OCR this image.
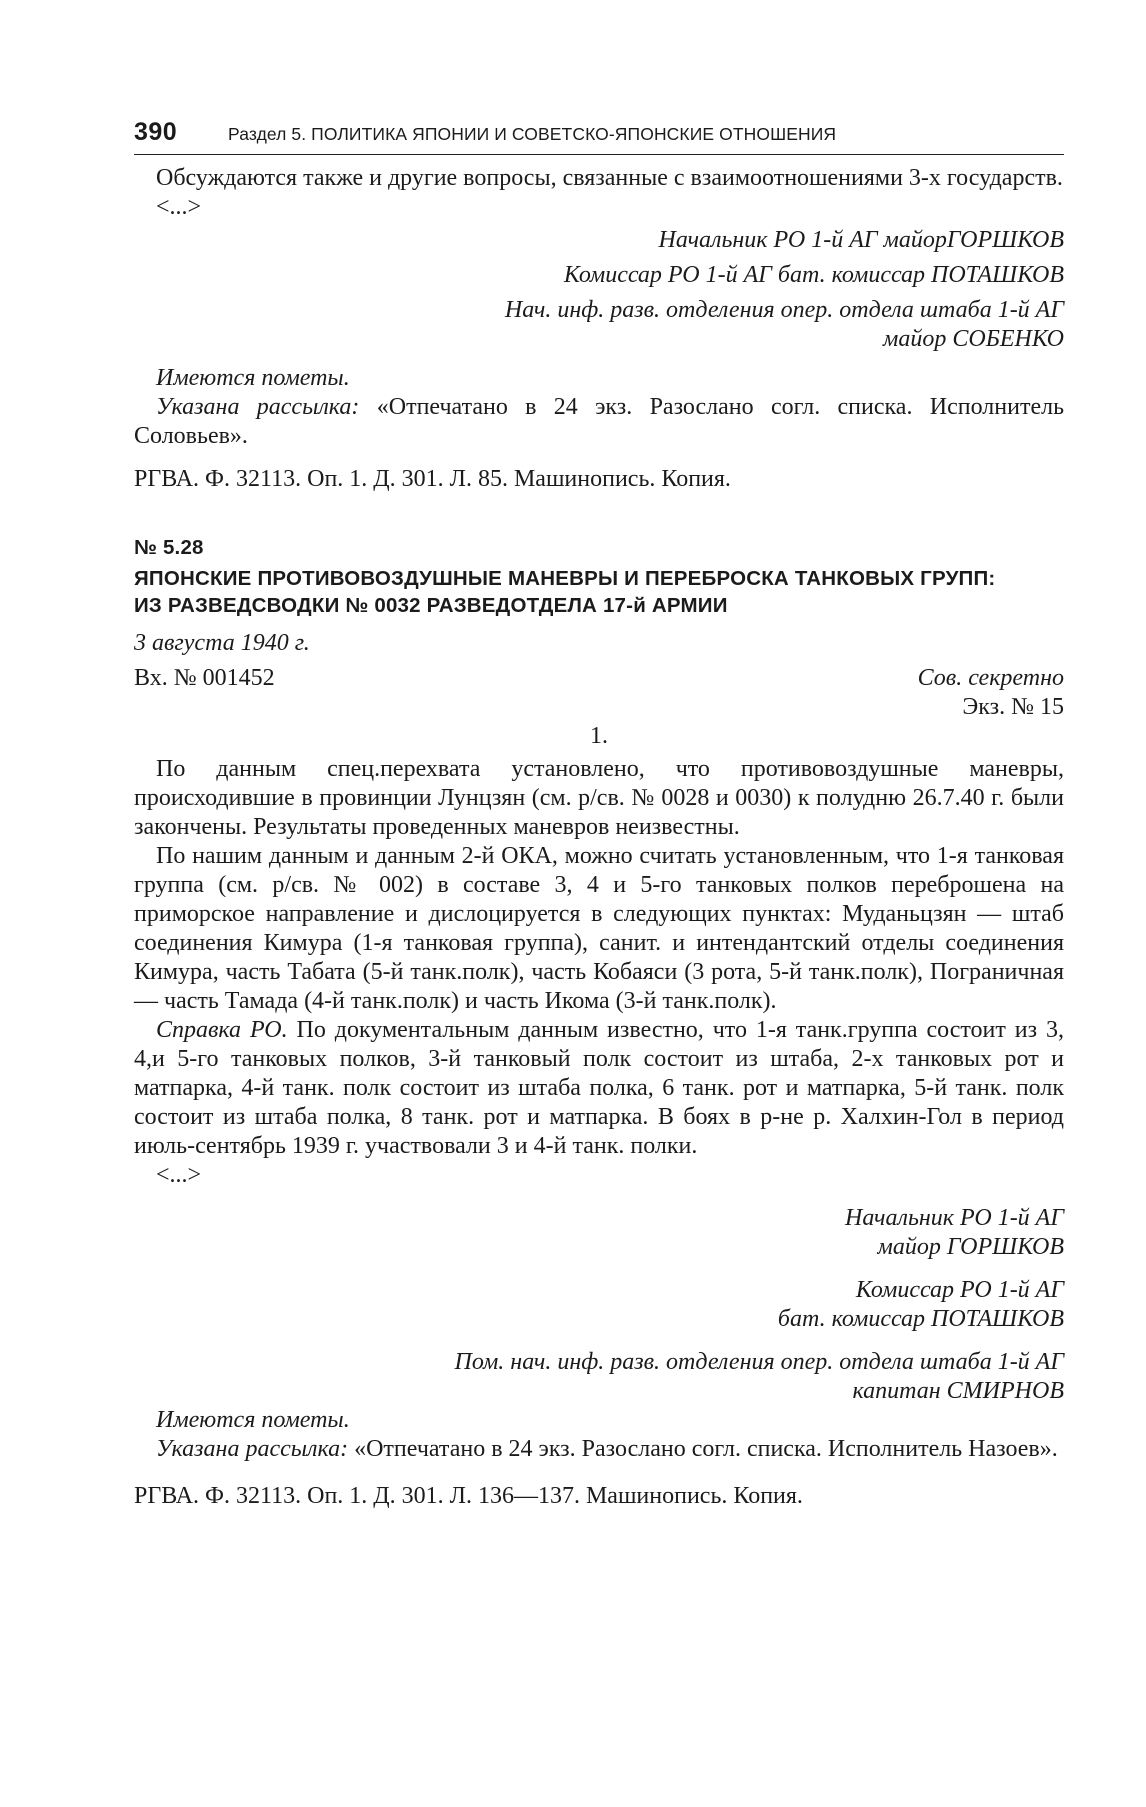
390	Раздел 5. ПОЛИТИКА ЯПОНИИ И СОВЕТСКО-ЯПОНСКИЕ ОТНОШЕНИЯ

Обсуждаются также и другие вопросы, связанные с взаимоотношениями 3-х государств.

<...>

Начальник РО 1-й АГ майорГОРШКОВ

Комиссар РО 1-й АГ бат. комиссар ПОТАШКОВ

Нач. инф. разв. отделения опер. отдела штаба 1-й АГ

майор СОБЕНКО

Имеются пометы.

Указана рассылка: «Отпечатано в 24 экз. Разослано согл. списка. Исполнитель Соловьев».

РГВА. Ф. 32113. Оп. 1. Д. 301. Л. 85. Машинопись. Копия.

№ 5.28

ЯПОНСКИЕ ПРОТИВОВОЗДУШНЫЕ МАНЕВРЫ И ПЕРЕБРОСКА ТАНКОВЫХ ГРУПП:

ИЗ РАЗВЕДСВОДКИ № 0032 РАЗВЕДОТДЕЛА 17-й АРМИИ

3 августа 1940 г.

Вх. № 001452	Сов. секретно

Экз. № 15

1.

По данным спец.перехвата установлено, что противовоздушные маневры, происходившие в провинции Лунцзян (см. р/св. № 0028 и 0030) к полудню 26.7.40 г. были закончены. Результаты проведенных маневров неизвестны.

По нашим данным и данным 2-й ОКА, можно считать установленным, что 1-я танковая группа (см. р/св. № 002) в составе 3, 4 и 5-го танковых полков переброшена на приморское направление и дислоцируется в следующих пунктах: Муданьцзян — штаб соединения Кимура (1-я танковая группа), санит. и интендантский отделы соединения Кимура, часть Табата (5-й танк.полк), часть Кобаяси (3 рота, 5-й танк.полк), Пограничная — часть Тамада (4-й танк.полк) и часть Икома (3-й танк.полк).

Справка РО. По документальным данным известно, что 1-я танк.группа состоит из 3, 4,и 5-го танковых полков, 3-й танковый полк состоит из штаба, 2-х танковых рот и матпарка, 4-й танк. полк состоит из штаба полка, 6 танк. рот и матпарка, 5-й танк. полк состоит из штаба полка, 8 танк. рот и матпарка. В боях в р-не р. Халхин-Гол в период июль-сентябрь 1939 г. участвовали 3 и 4-й танк. полки.

<...>

Начальник РО 1-й АГ

майор ГОРШКОВ

Комиссар РО 1-й АГ

бат. комиссар ПОТАШКОВ

Пом. нач. инф. разв. отделения опер. отдела штаба 1-й АГ

капитан СМИРНОВ

Имеются пометы.

Указана рассылка: «Отпечатано в 24 экз. Разослано согл. списка. Исполнитель Назоев».

РГВА. Ф. 32113. Оп. 1. Д. 301. Л. 136—137. Машинопись. Копия.
